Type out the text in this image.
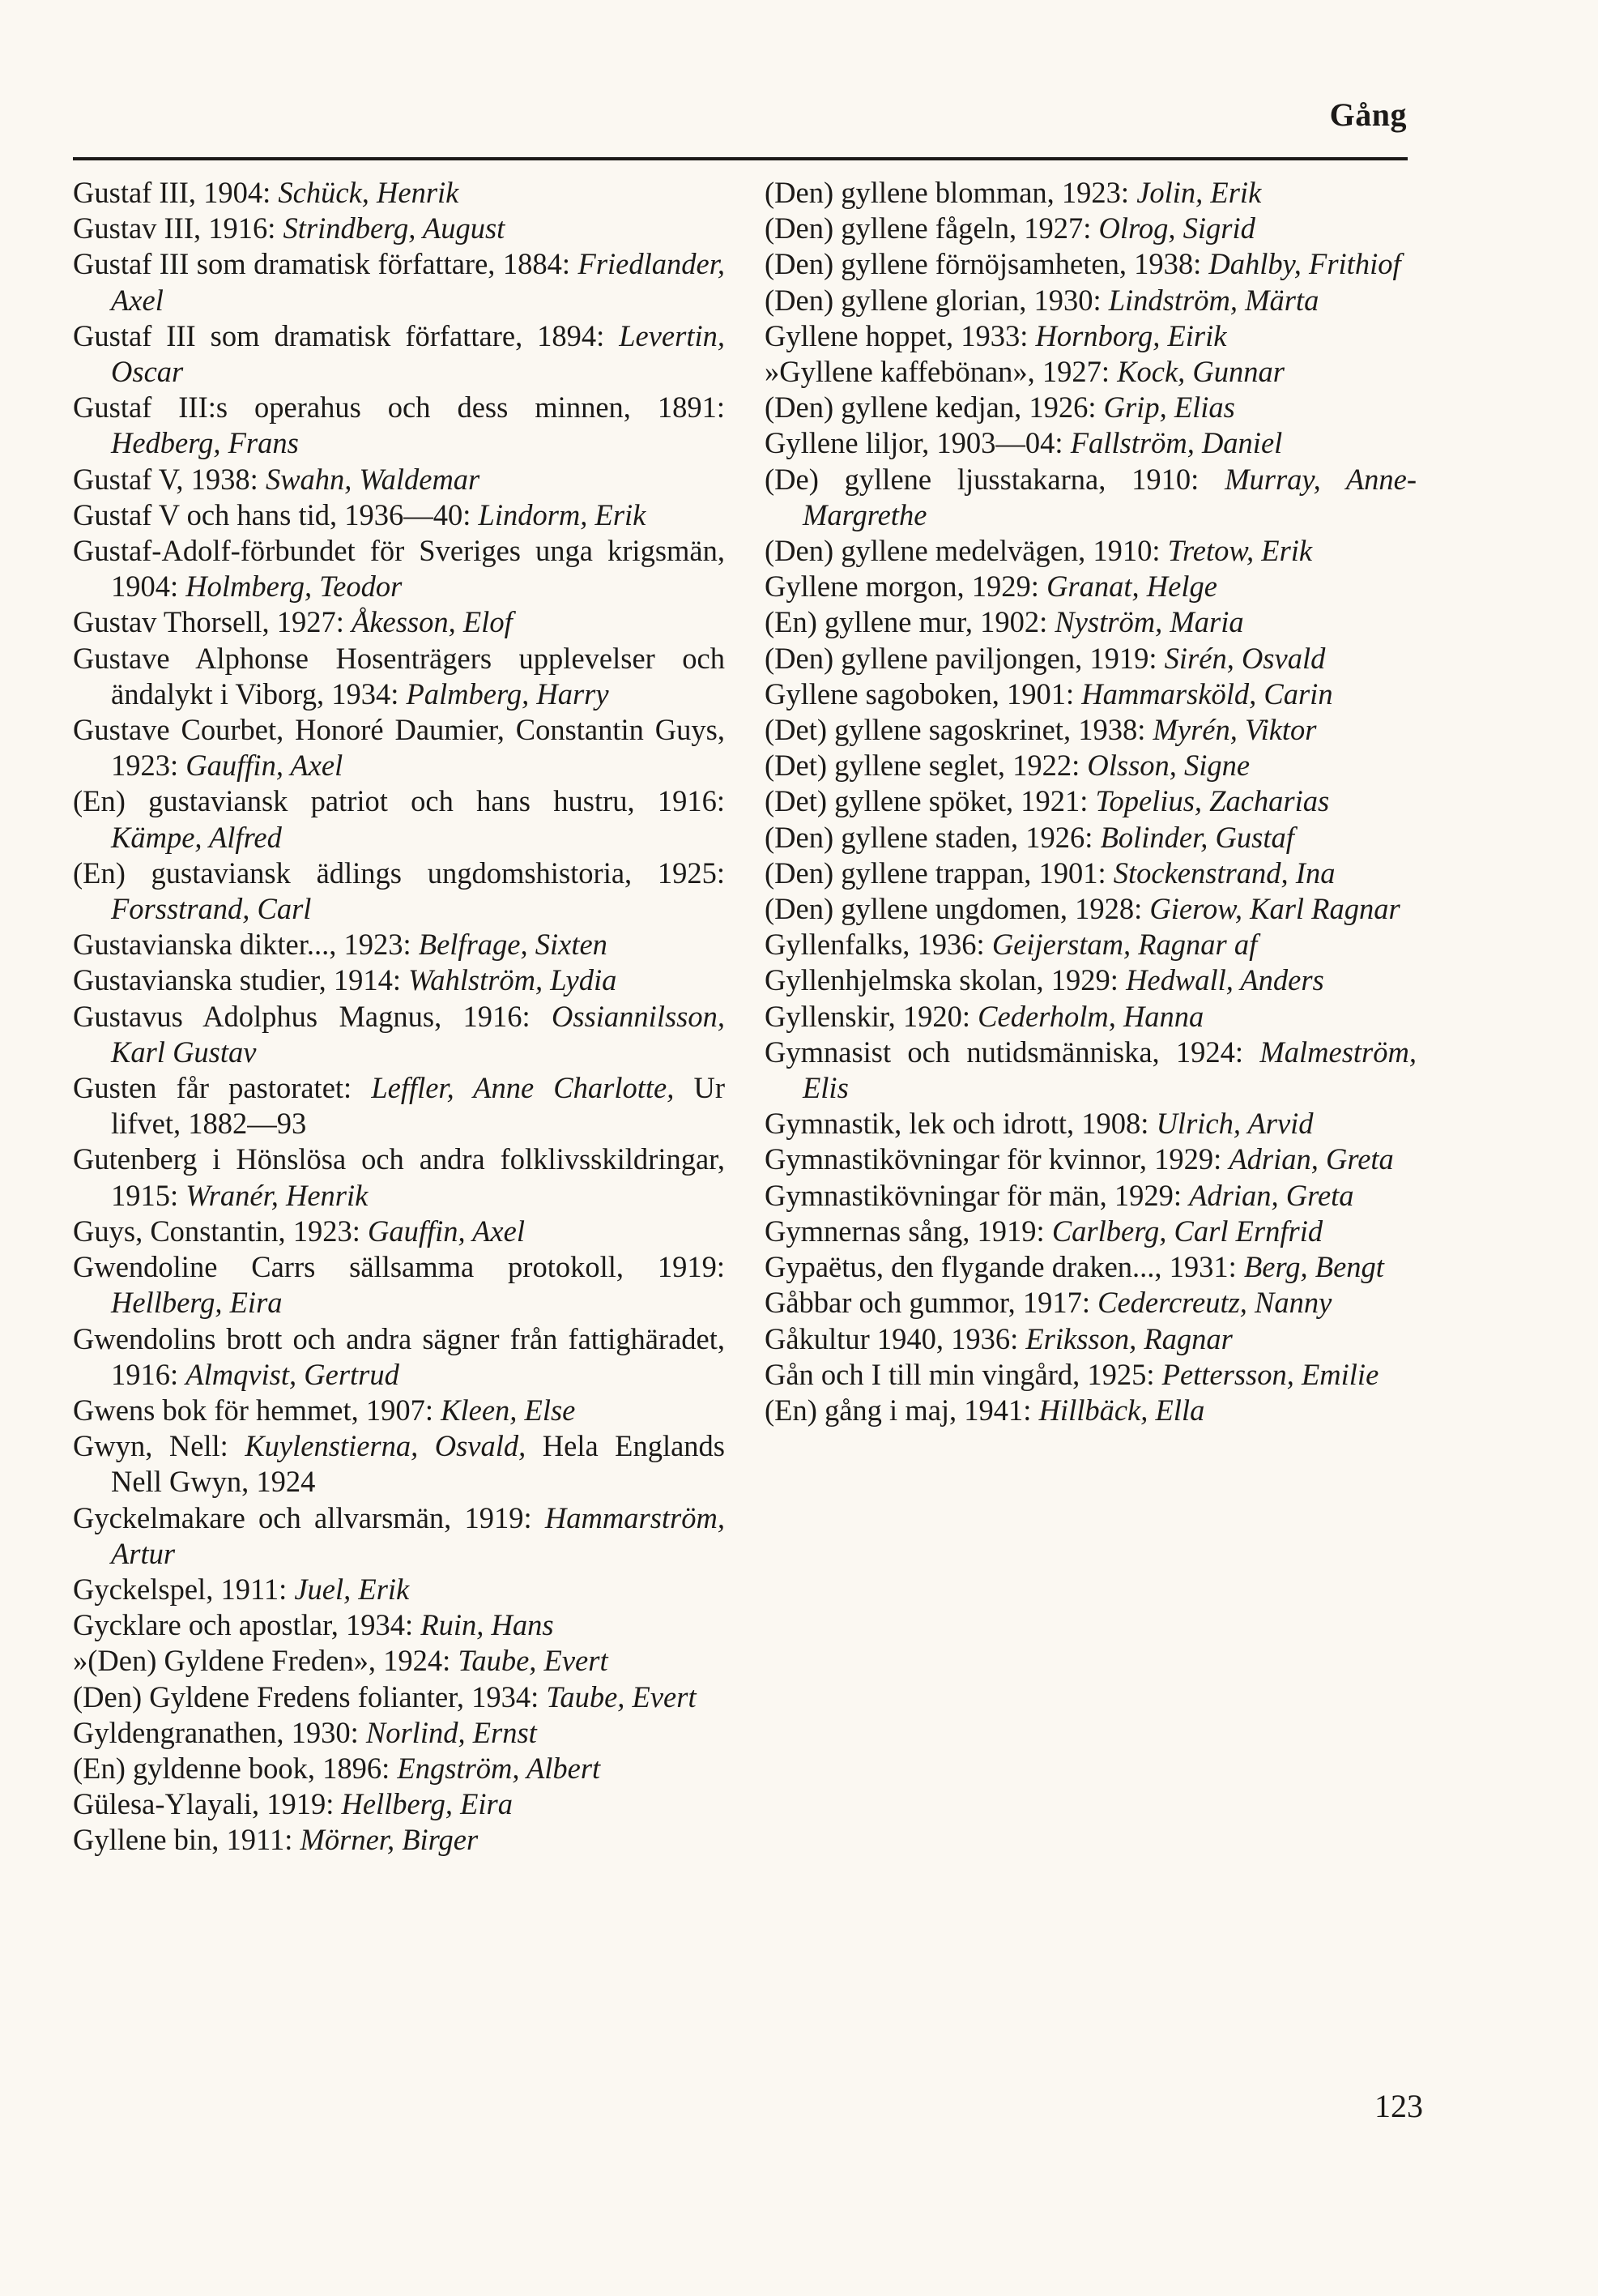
Gång
Gustaf III, 1904: Schück, Henrik
Gustav III, 1916: Strindberg, August
Gustaf III som dramatisk författare, 1884: Friedlander, Axel
Gustaf III som dramatisk författare, 1894: Levertin, Oscar
Gustaf III:s operahus och dess minnen, 1891: Hedberg, Frans
Gustaf V, 1938: Swahn, Waldemar
Gustaf V och hans tid, 1936—40: Lindorm, Erik
Gustaf-Adolf-förbundet för Sveriges unga krigsmän, 1904: Holmberg, Teodor
Gustav Thorsell, 1927: Åkesson, Elof
Gustave Alphonse Hosenträgers upplevelser och ändalykt i Viborg, 1934: Palmberg, Harry
Gustave Courbet, Honoré Daumier, Constantin Guys, 1923: Gauffin, Axel
(En) gustaviansk patriot och hans hustru, 1916: Kämpe, Alfred
(En) gustaviansk ädlings ungdomshistoria, 1925: Forsstrand, Carl
Gustavianska dikter..., 1923: Belfrage, Sixten
Gustavianska studier, 1914: Wahlström, Lydia
Gustavus Adolphus Magnus, 1916: Ossiannilsson, Karl Gustav
Gusten får pastoratet: Leffler, Anne Charlotte, Ur lifvet, 1882—93
Gutenberg i Hönslösa och andra folklivsskildringar, 1915: Wranér, Henrik
Guys, Constantin, 1923: Gauffin, Axel
Gwendoline Carrs sällsamma protokoll, 1919: Hellberg, Eira
Gwendolins brott och andra sägner från fattighäradet, 1916: Almqvist, Gertrud
Gwens bok för hemmet, 1907: Kleen, Else
Gwyn, Nell: Kuylenstierna, Osvald, Hela Englands Nell Gwyn, 1924
Gyckelmakare och allvarsmän, 1919: Hammarström, Artur
Gyckelspel, 1911: Juel, Erik
Gycklare och apostlar, 1934: Ruin, Hans
»(Den) Gyldene Freden», 1924: Taube, Evert
(Den) Gyldene Fredens folianter, 1934: Taube, Evert
Gyldengranathen, 1930: Norlind, Ernst
(En) gyldenne book, 1896: Engström, Albert
Gülesa-Ylayali, 1919: Hellberg, Eira
Gyllene bin, 1911: Mörner, Birger
(Den) gyllene blomman, 1923: Jolin, Erik
(Den) gyllene fågeln, 1927: Olrog, Sigrid
(Den) gyllene förnöjsamheten, 1938: Dahlby, Frithiof
(Den) gyllene glorian, 1930: Lindström, Märta
Gyllene hoppet, 1933: Hornborg, Eirik
»Gyllene kaffebönan», 1927: Kock, Gunnar
(Den) gyllene kedjan, 1926: Grip, Elias
Gyllene liljor, 1903—04: Fallström, Daniel
(De) gyllene ljusstakarna, 1910: Murray, Anne-Margrethe
(Den) gyllene medelvägen, 1910: Tretow, Erik
Gyllene morgon, 1929: Granat, Helge
(En) gyllene mur, 1902: Nyström, Maria
(Den) gyllene paviljongen, 1919: Sirén, Osvald
Gyllene sagoboken, 1901: Hammarsköld, Carin
(Det) gyllene sagoskrinet, 1938: Myrén, Viktor
(Det) gyllene seglet, 1922: Olsson, Signe
(Det) gyllene spöket, 1921: Topelius, Zacharias
(Den) gyllene staden, 1926: Bolinder, Gustaf
(Den) gyllene trappan, 1901: Stockenstrand, Ina
(Den) gyllene ungdomen, 1928: Gierow, Karl Ragnar
Gyllenfalks, 1936: Geijerstam, Ragnar af
Gyllenhjelmska skolan, 1929: Hedwall, Anders
Gyllenskir, 1920: Cederholm, Hanna
Gymnasist och nutidsmänniska, 1924: Malmeström, Elis
Gymnastik, lek och idrott, 1908: Ulrich, Arvid
Gymnastikövningar för kvinnor, 1929: Adrian, Greta
Gymnastikövningar för män, 1929: Adrian, Greta
Gymnernas sång, 1919: Carlberg, Carl Ernfrid
Gypaëtus, den flygande draken..., 1931: Berg, Bengt
Gåbbar och gummor, 1917: Cedercreutz, Nanny
Gåkultur 1940, 1936: Eriksson, Ragnar
Gån och I till min vingård, 1925: Pettersson, Emilie
(En) gång i maj, 1941: Hillbäck, Ella
123
